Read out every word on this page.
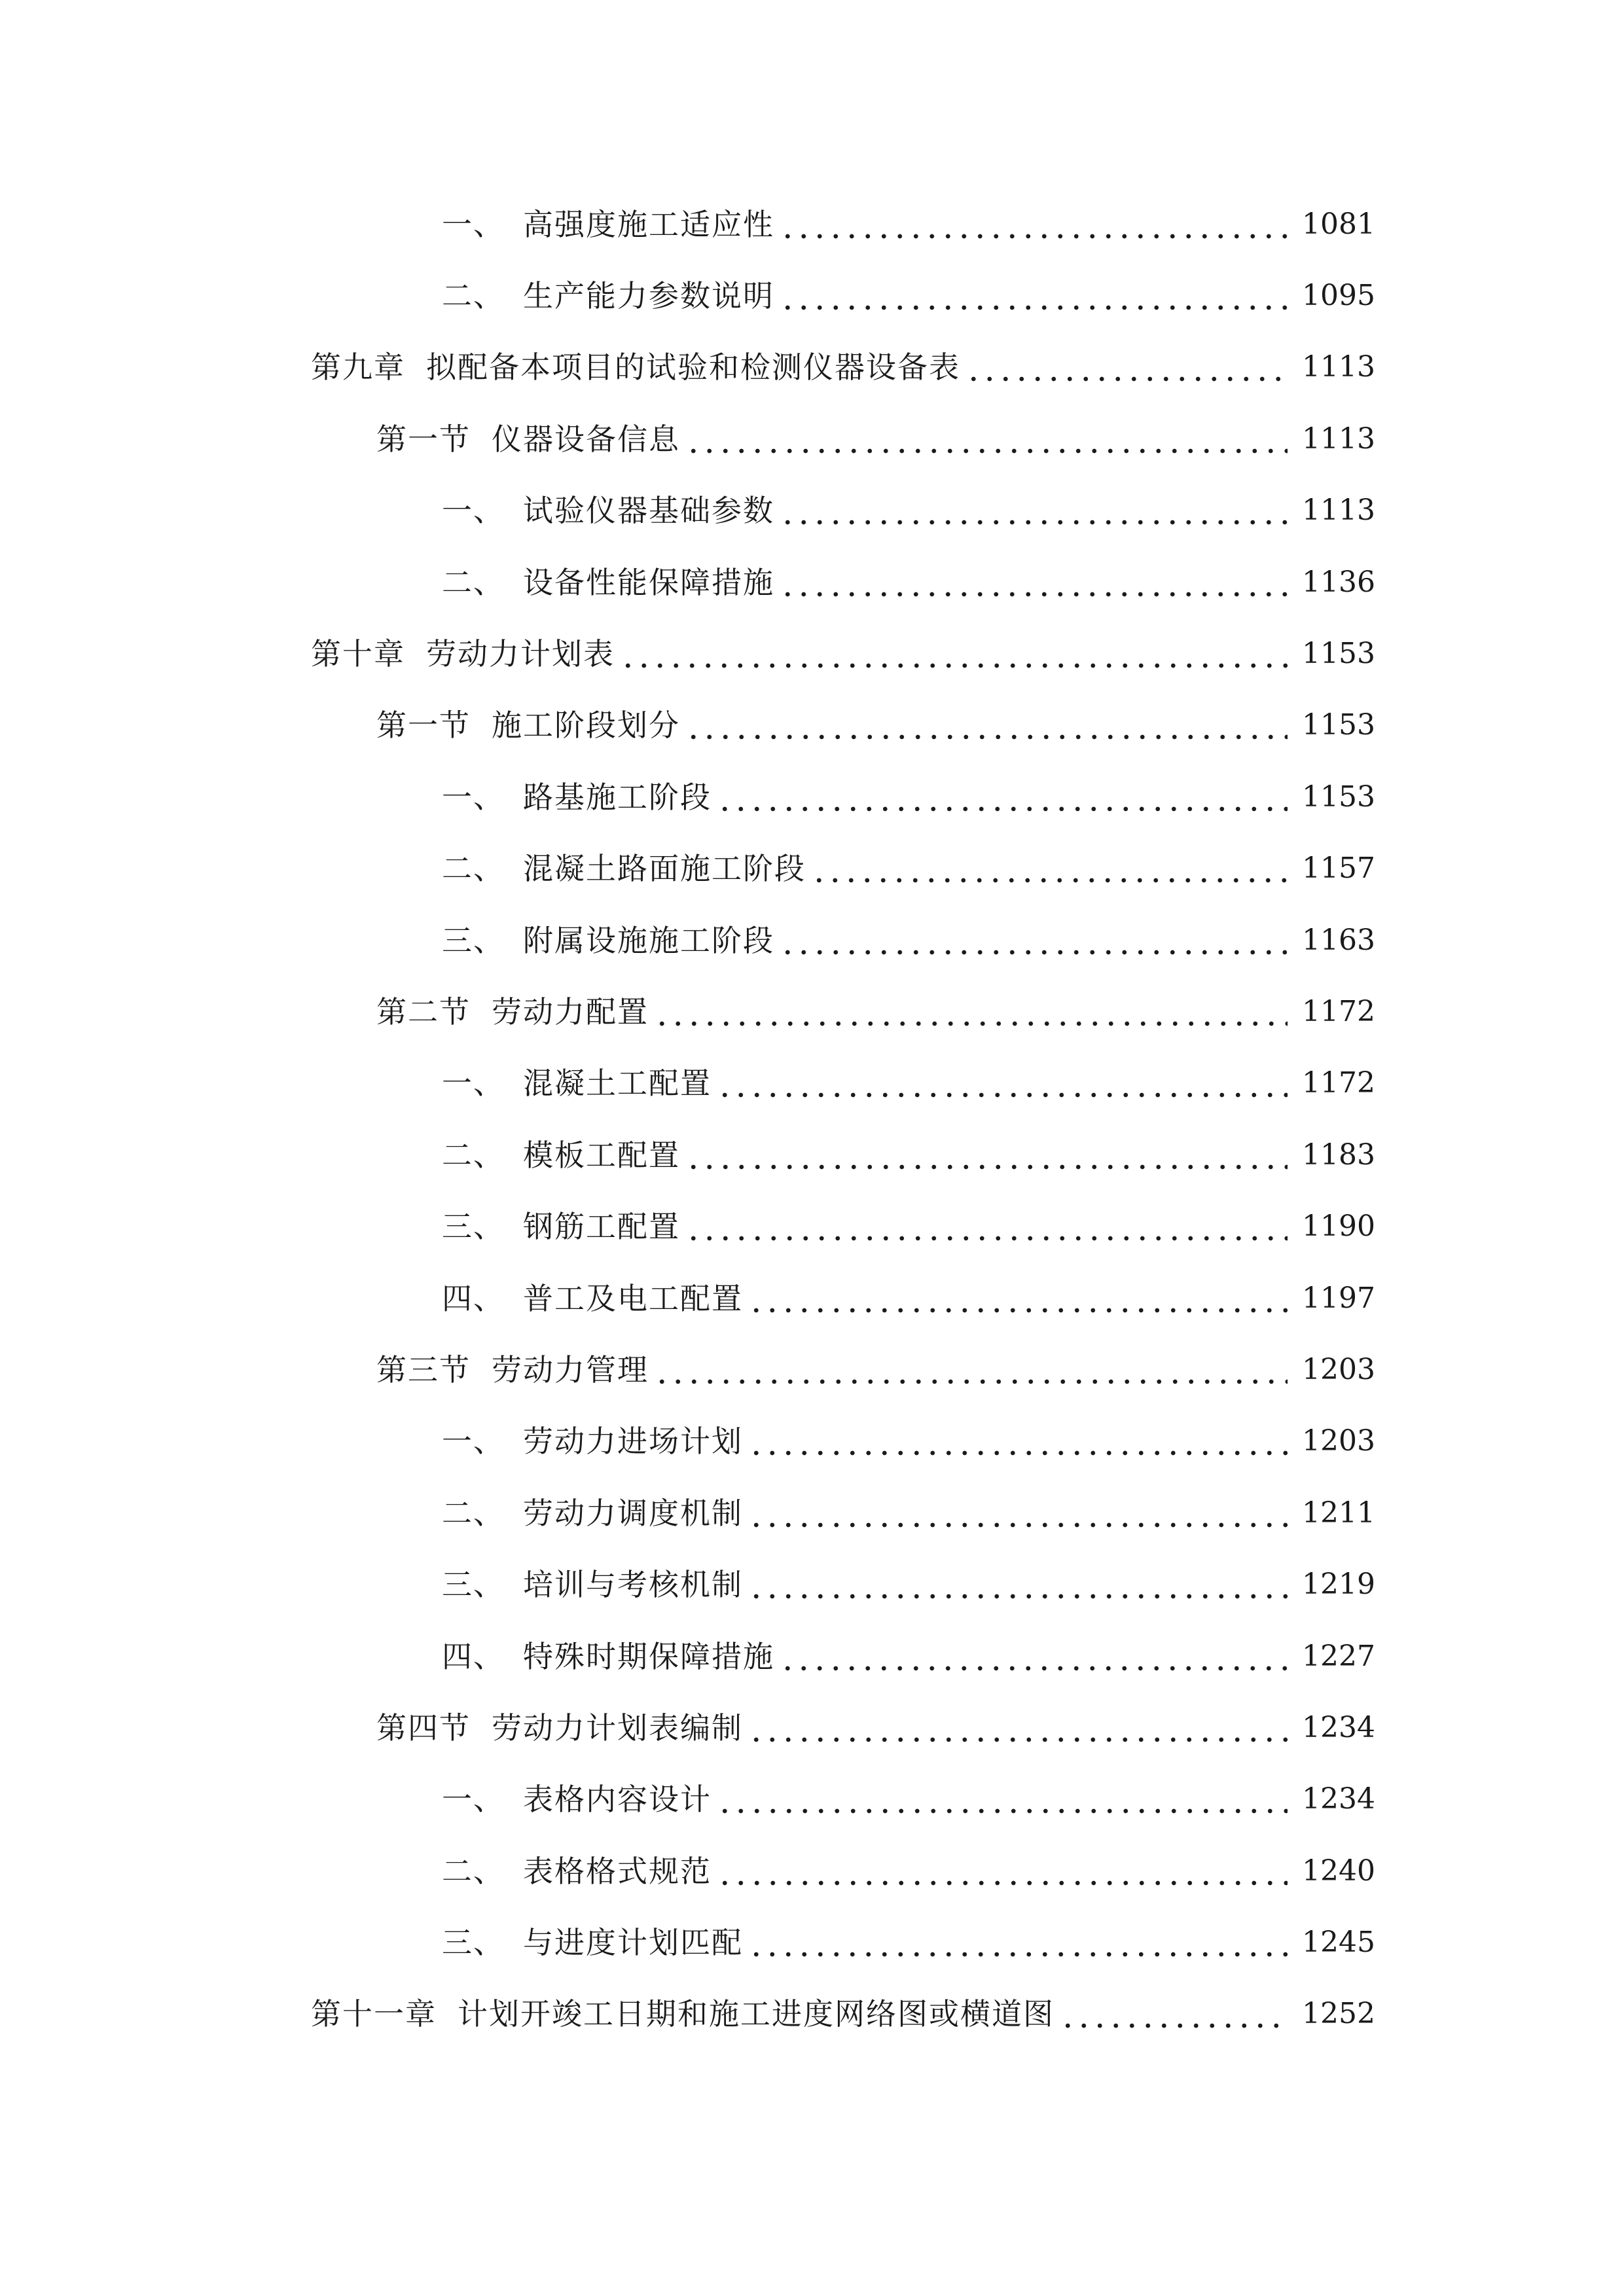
一、 高强度施工适应性	1081
二、 生产能力参数说明	1095
第九章 拟配备本项目的试验和检测仪器设备表	1113
第一节 仪器设备信息	1113
一、 试验仪器基础参数	1113
二、 设备性能保障措施	1136
第十章 劳动力计划表	1153
第一节 施工阶段划分	1153
一、 路基施工阶段	1153
二、 混凝土路面施工阶段	1157
三、 附属设施施工阶段	1163
第二节 劳动力配置	1172
一、 混凝土工配置	1172
二、 模板工配置	1183
三、 钢筋工配置	1190
四、 普工及电工配置	1197
第三节 劳动力管理	1203
一、 劳动力进场计划	1203
二、 劳动力调度机制	1211
三、 培训与考核机制	1219
四、 特殊时期保障措施	1227
第四节 劳动力计划表编制	1234
一、 表格内容设计	1234
二、 表格格式规范	1240
三、 与进度计划匹配	1245
第十一章 计划开竣工日期和施工进度网络图或横道图	1252
